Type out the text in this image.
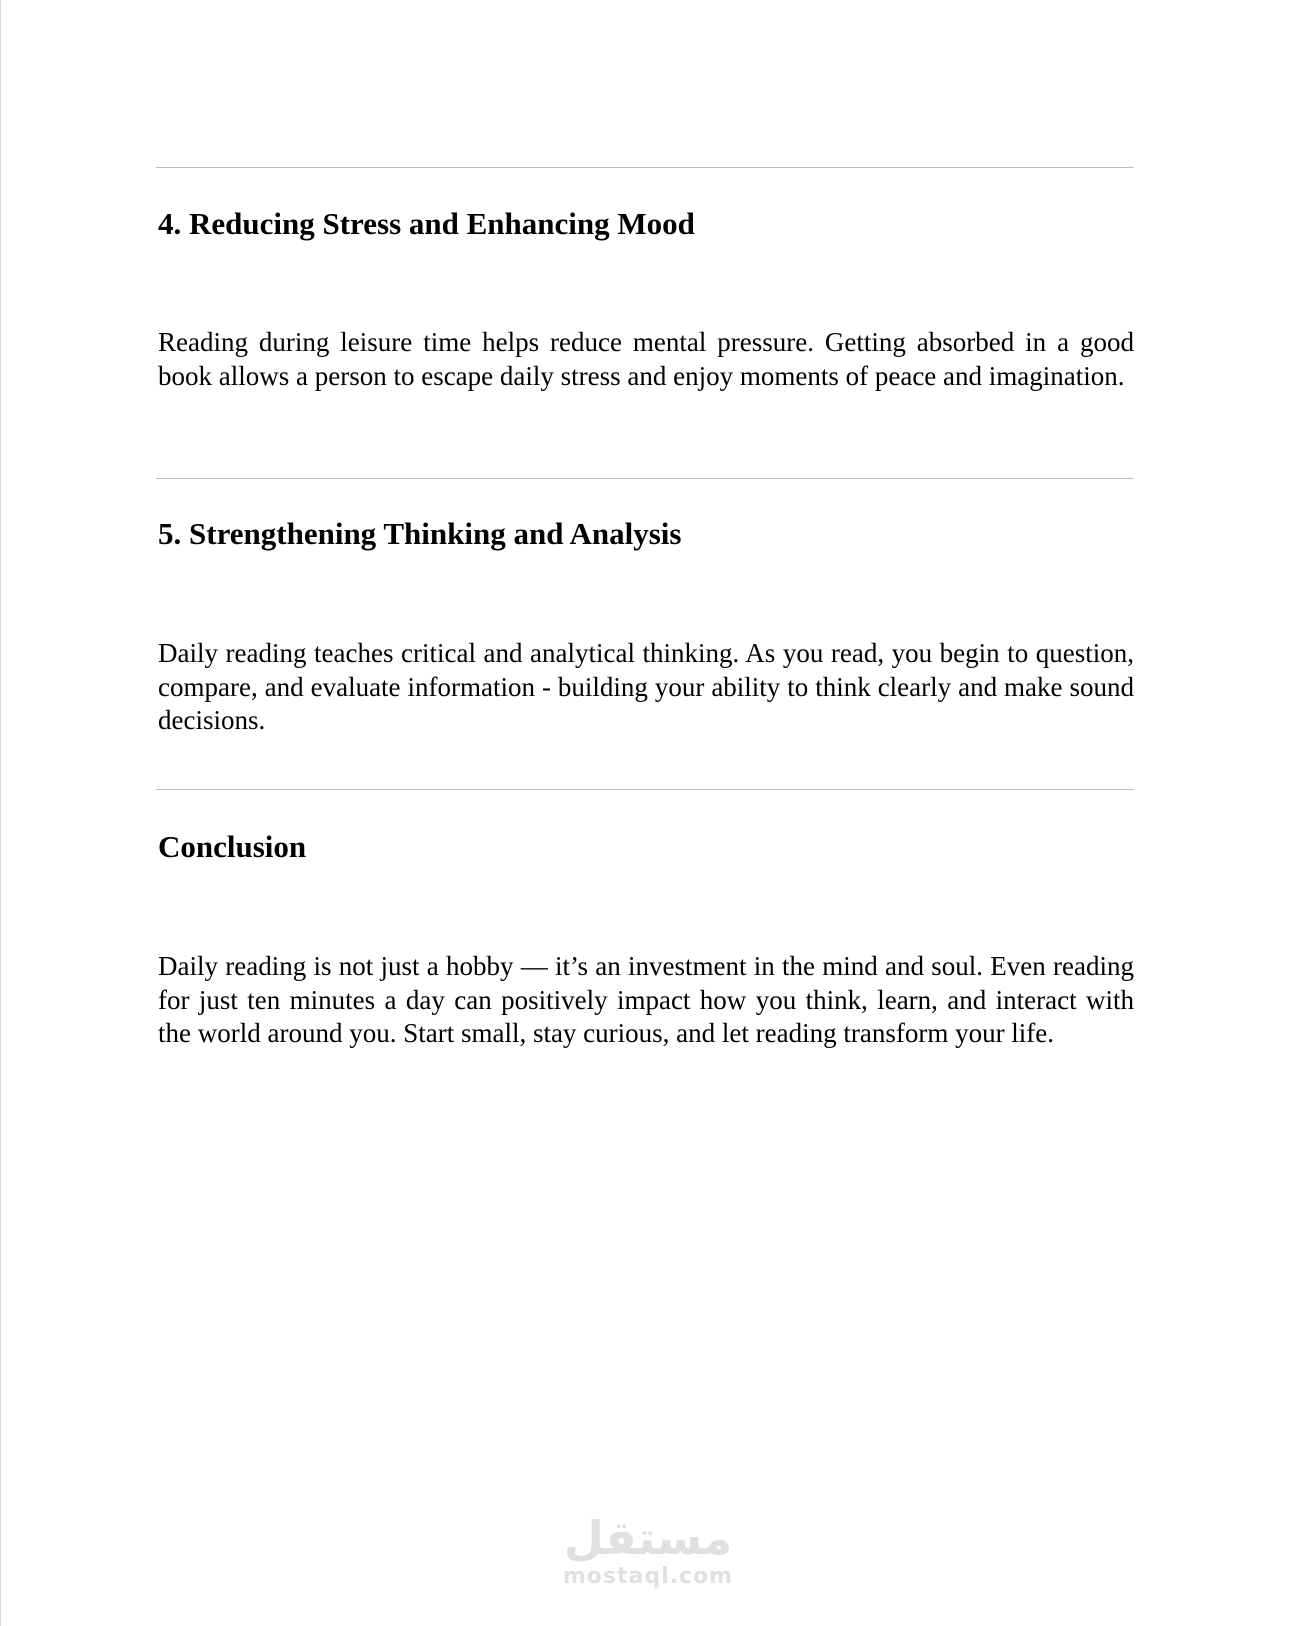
4. Reducing Stress and Enhancing Mood

Reading during leisure time helps reduce mental pressure. Getting absorbed in a good book allows a person to escape daily stress and enjoy moments of peace and imagination.

5. Strengthening Thinking and Analysis

Daily reading teaches critical and analytical thinking. As you read, you begin to question, compare, and evaluate information - building your ability to think clearly and make sound decisions.

Conclusion

Daily reading is not just a hobby — it’s an investment in the mind and soul. Even reading for just ten minutes a day can positively impact how you think, learn, and interact with the world around you. Start small, stay curious, and let reading transform your life.

مستقل
mostaql.com
